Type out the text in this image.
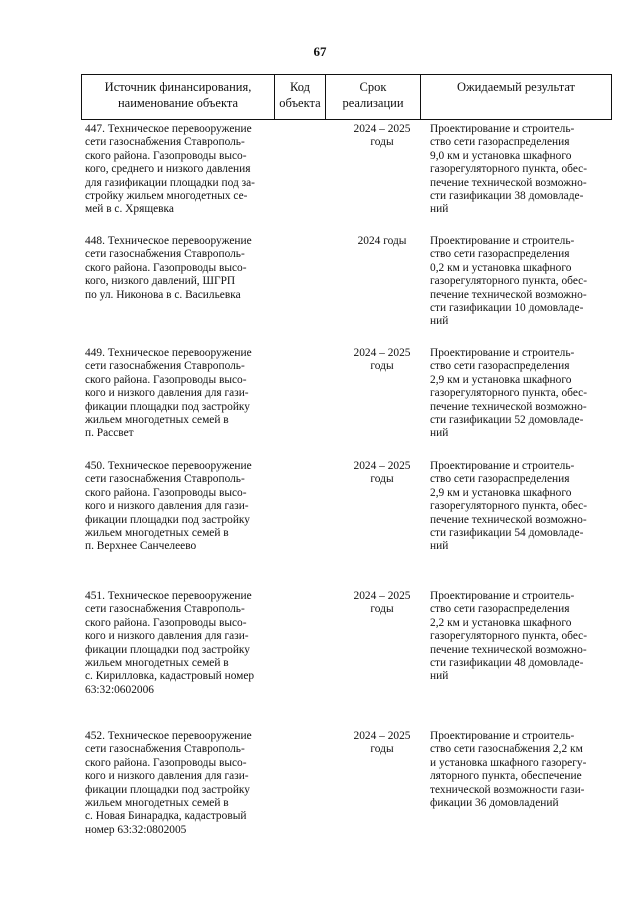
67
Источник финансирования,
наименование объекта
Код
объекта
Срок
реализации
Ожидаемый результат
447. Техническое перевооружение
сети газоснабжения Ставрополь-
ского района. Газопроводы высо-
кого, среднего и низкого давления
для газификации площадки под за-
стройку жильем многодетных се-
мей в с. Хрящевка
2024 – 2025
годы
Проектирование и строитель-
ство сети газораспределения
9,0 км и установка шкафного
газорегуляторного пункта, обес-
печение технической возможно-
сти газификации 38 домовладе-
ний
448. Техническое перевооружение
сети газоснабжения Ставрополь-
ского района. Газопроводы высо-
кого, низкого давлений, ШГРП
по ул. Никонова в с. Васильевка
2024 годы	Проектирование и строитель-
ство сети газораспределения
0,2 км и установка шкафного
газорегуляторного пункта, обес-
печение технической возможно-
сти газификации 10 домовладе-
ний
449. Техническое перевооружение
сети газоснабжения Ставрополь-
ского района. Газопроводы высо-
кого и низкого давления для гази-
фикации площадки под застройку
жильем многодетных семей в
п. Рассвет
2024 – 2025
годы
Проектирование и строитель-
ство сети газораспределения
2,9 км и установка шкафного
газорегуляторного пункта, обес-
печение технической возможно-
сти газификации 52 домовладе-
ний
450. Техническое перевооружение
сети газоснабжения Ставрополь-
ского района. Газопроводы высо-
кого и низкого давления для гази-
фикации площадки под застройку
жильем многодетных семей в
п. Верхнее Санчелеево
2024 – 2025
годы
Проектирование и строитель-
ство сети газораспределения
2,9 км и установка шкафного
газорегуляторного пункта, обес-
печение технической возможно-
сти газификации 54 домовладе-
ний
451. Техническое перевооружение
сети газоснабжения Ставрополь-
ского района. Газопроводы высо-
кого и низкого давления для гази-
фикации площадки под застройку
жильем многодетных семей в
с. Кирилловка, кадастровый номер
63:32:0602006
2024 – 2025
годы
Проектирование и строитель-
ство сети газораспределения
2,2 км и установка шкафного
газорегуляторного пункта, обес-
печение технической возможно-
сти газификации 48 домовладе-
ний
452. Техническое перевооружение
сети газоснабжения Ставрополь-
ского района. Газопроводы высо-
кого и низкого давления для гази-
фикации площадки под застройку
жильем многодетных семей в
с. Новая Бинарадка, кадастровый
номер 63:32:0802005
2024 – 2025
годы
Проектирование и строитель-
ство сети газоснабжения 2,2 км
и установка шкафного газорегу-
ляторного пункта, обеспечение
технической возможности гази-
фикации 36 домовладений
